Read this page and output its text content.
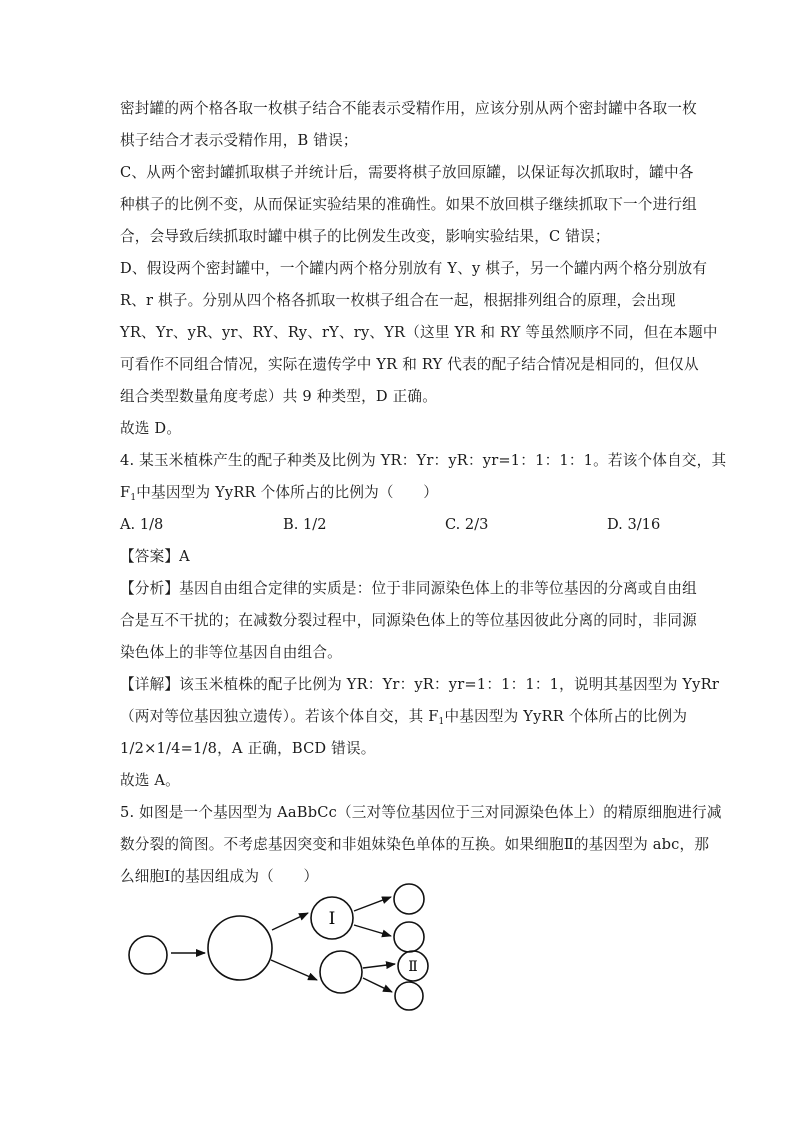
密封罐的两个格各取一枚棋子结合不能表示受精作用，应该分别从两个密封罐中各取一枚
棋子结合才表示受精作用，B 错误；
C、从两个密封罐抓取棋子并统计后，需要将棋子放回原罐，以保证每次抓取时，罐中各
种棋子的比例不变，从而保证实验结果的准确性。如果不放回棋子继续抓取下一个进行组
合，会导致后续抓取时罐中棋子的比例发生改变，影响实验结果，C 错误；
D、假设两个密封罐中，一个罐内两个格分别放有 Y、y 棋子，另一个罐内两个格分别放有
R、r 棋子。分别从四个格各抓取一枚棋子组合在一起，根据排列组合的原理，会出现
YR、Yr、yR、yr、RY、Ry、rY、ry、YR（这里 YR 和 RY 等虽然顺序不同，但在本题中
可看作不同组合情况，实际在遗传学中 YR 和 RY 代表的配子结合情况是相同的，但仅从
组合类型数量角度考虑）共 9 种类型，D 正确。
故选 D。
4. 某玉米植株产生的配子种类及比例为 YR：Yr：yR：yr=1：1：1：1。若该个体自交，其
$F_1$中基因型为 YyRR 个体所占的比例为（　　）
A. 1/8	B. 1/2	C. 2/3	D. 3/16
【答案】A
【分析】基因自由组合定律的实质是：位于非同源染色体上的非等位基因的分离或自由组
合是互不干扰的；在减数分裂过程中，同源染色体上的等位基因彼此分离的同时，非同源
染色体上的非等位基因自由组合。
【详解】该玉米植株的配子比例为 YR：Yr：yR：yr=1：1：1：1，说明其基因型为 YyRr
（两对等位基因独立遗传）。若该个体自交，其 $F_1$中基因型为 YyRR 个体所占的比例为
1/2×1/4=1/8，A 正确，BCD 错误。
故选 A。
5. 如图是一个基因型为 AaBbCc（三对等位基因位于三对同源染色体上）的精原细胞进行减
数分裂的简图。不考虑基因突变和非姐妹染色单体的互换。如果细胞Ⅱ的基因型为 abc，那
么细胞Ⅰ的基因组成为（　　）
Ⅰ
Ⅱ
